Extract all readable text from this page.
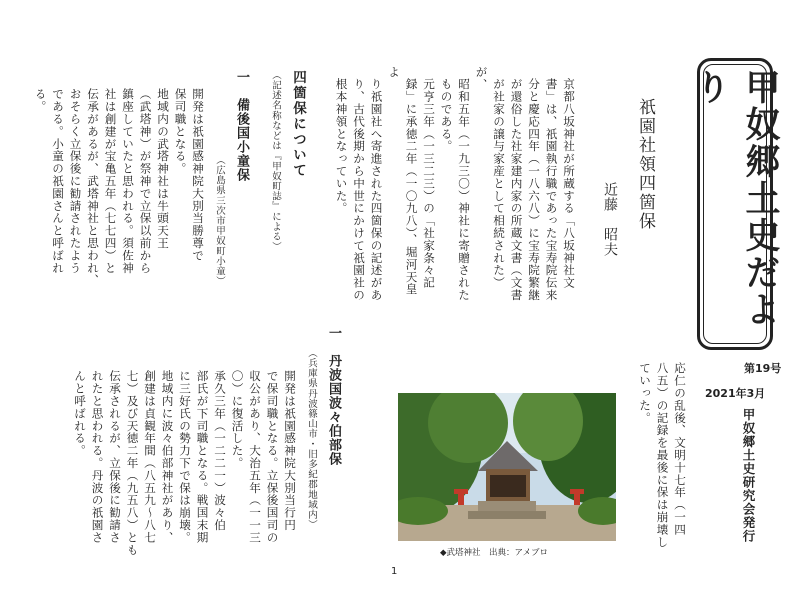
甲奴郷土史だより
第19号
2021年3月
甲奴郷土史研究会発行
祇園社領四箇保
近藤　昭夫

京都八坂神社が所蔵する「八坂神社文
書」は、祇園執行職であった宝寿院伝来
分と慶応四年（一八六八）に宝寿院繁継
が還俗した社家建内家の所蔵文書（文書
が社家の譲与家産として相続された）が、
昭和五年（一九三〇）神社に寄贈された
ものである。
元亨三年（一三二三）の「社家条々記
録」に承徳二年（一〇九八）、堀河天皇よ
り祇園社へ寄進された四箇保の記述があ
り、古代後期から中世にかけて祇園社の
根本神領となっていた。

四箇保について
（記述名称などは『甲奴町誌』による）
一　備後国小童保
（広島県三次市甲奴町小童）
開発は祇園感神院大別当勝尊で
保司職となる。
地域内の武塔神社は牛頭天王
（武塔神）が祭神で立保以前から
鎮座していたと思われる。須佐神
社は創建が宝亀五年（七七四）と
伝承があるが、武塔神社と思われ、
おそらく立保後に勧請されたよう
である。小童の祇園さんと呼ばれ
る。
一　丹波国波々伯部保
（兵庫県丹波篠山市・旧多紀郡地域内）
開発は祇園感神院大別当行円
で保司職となる。立保後国司の
収公があり、大治五年（一一三
〇）に復活した。
承久三年（一二二一）波々伯
部氏が下司職となる。戦国末期
に三好氏の勢力下で保は崩壊。
地域内に波々伯部神社があり、
創建は貞観年間（八五九〜八七
七）及び天徳二年（九五八）とも
伝承されるが、立保後に勧請さ
れたと思われる。丹波の祇園さ
んと呼ばれる。	応仁の乱後、文明十七年（一四
八五）の記録を最後に保は崩壊し
ていった。
◆武塔神社　出典：アメブロ
1
